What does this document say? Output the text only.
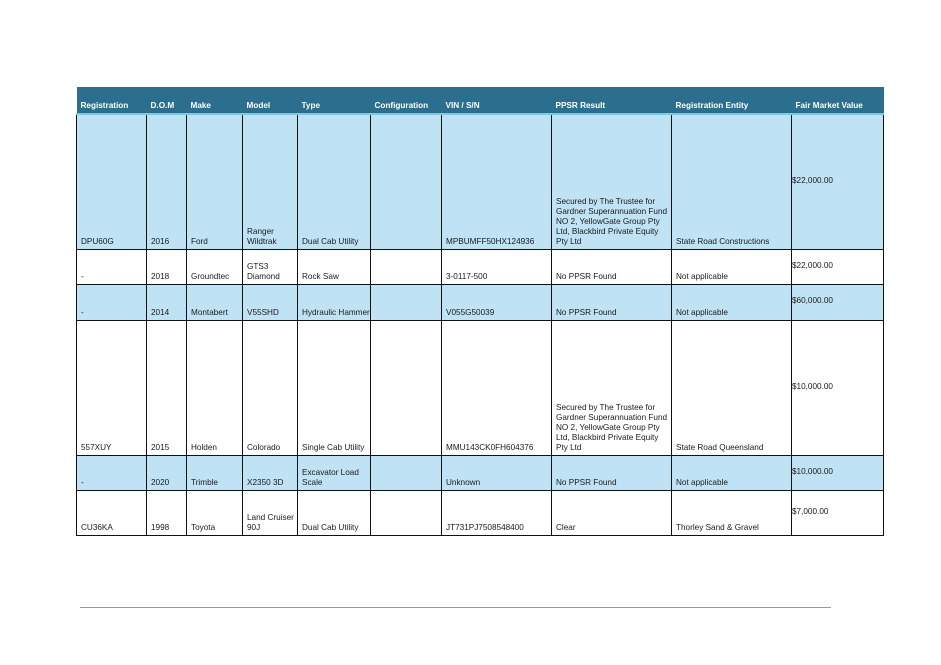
Registration	D.O.M	Make	Model	Type	Configuration	VIN / S/N	PPSR Result	Registration Entity	Fair Market Value
DPU60G	2016	Ford	Ranger Wildtrak	Dual Cab Utility		MPBUMFF50HX124936	Secured by The Trustee for Gardner Superannuation Fund NO 2, YellowGate Group Pty Ltd, Blackbird Private Equity Pty Ltd	State Road Constructions	$22,000.00
-	2018	Groundtec	GTS3 Diamond	Rock Saw		3-0117-500	No PPSR Found	Not applicable	$22,000.00
-	2014	Montabert	V55SHD	Hydraulic Hammer		V055G50039	No PPSR Found	Not applicable	$60,000.00
557XUY	2015	Holden	Colorado	Single Cab Utility		MMU143CK0FH604376	Secured by The Trustee for Gardner Superannuation Fund NO 2, YellowGate Group Pty Ltd, Blackbird Private Equity Pty Ltd	State Road Queensland	$10,000.00
-	2020	Trimble	X2350 3D	Excavator Load Scale		Unknown	No PPSR Found	Not applicable	$10,000.00
CU36KA	1998	Toyota	Land Cruiser 90J	Dual Cab Utility		JT731PJ7508548400	Clear	Thorley Sand & Gravel	$7,000.00
